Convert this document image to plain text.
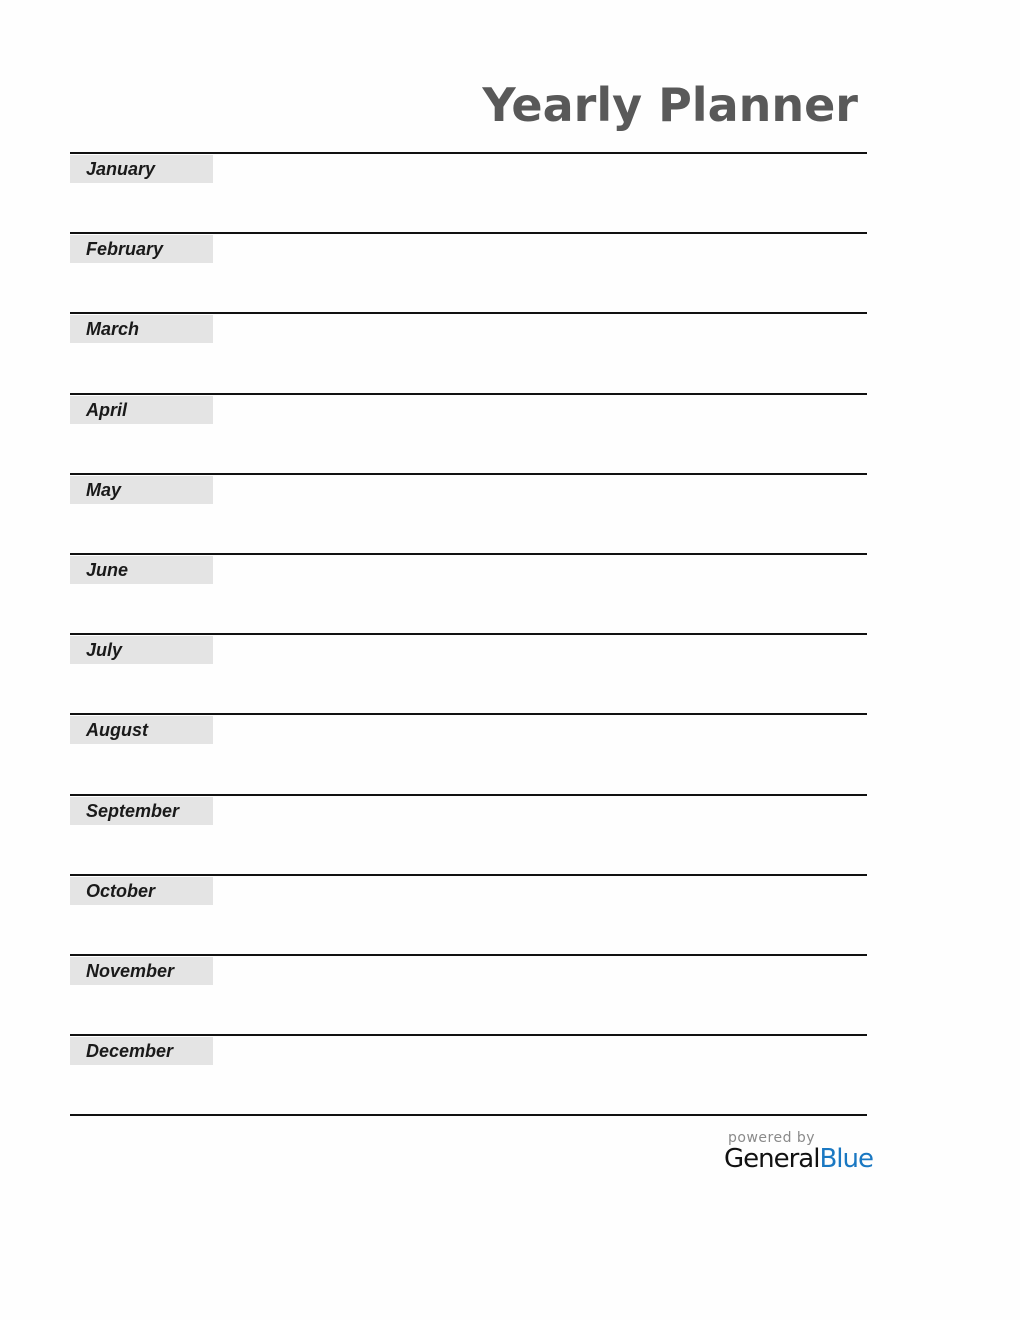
Yearly Planner
January
February
March
April
May
June
July
August
September
October
November
December
powered by
GeneralBlue
